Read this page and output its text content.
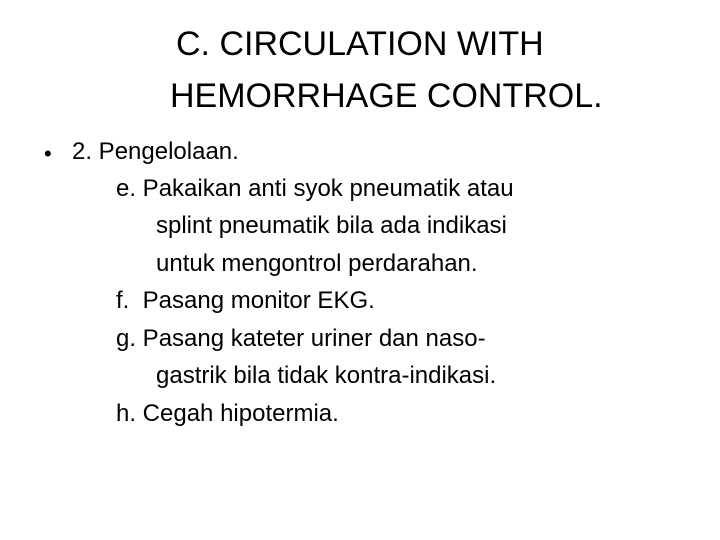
C. CIRCULATION WITH
HEMORRHAGE CONTROL.
• 2. Pengelolaan.
e. Pakaikan anti syok pneumatik atau
splint pneumatik bila ada indikasi
untuk mengontrol perdarahan.
f.  Pasang monitor EKG.
g. Pasang kateter uriner dan naso-
gastrik bila tidak kontra-indikasi.
h. Cegah hipotermia.
